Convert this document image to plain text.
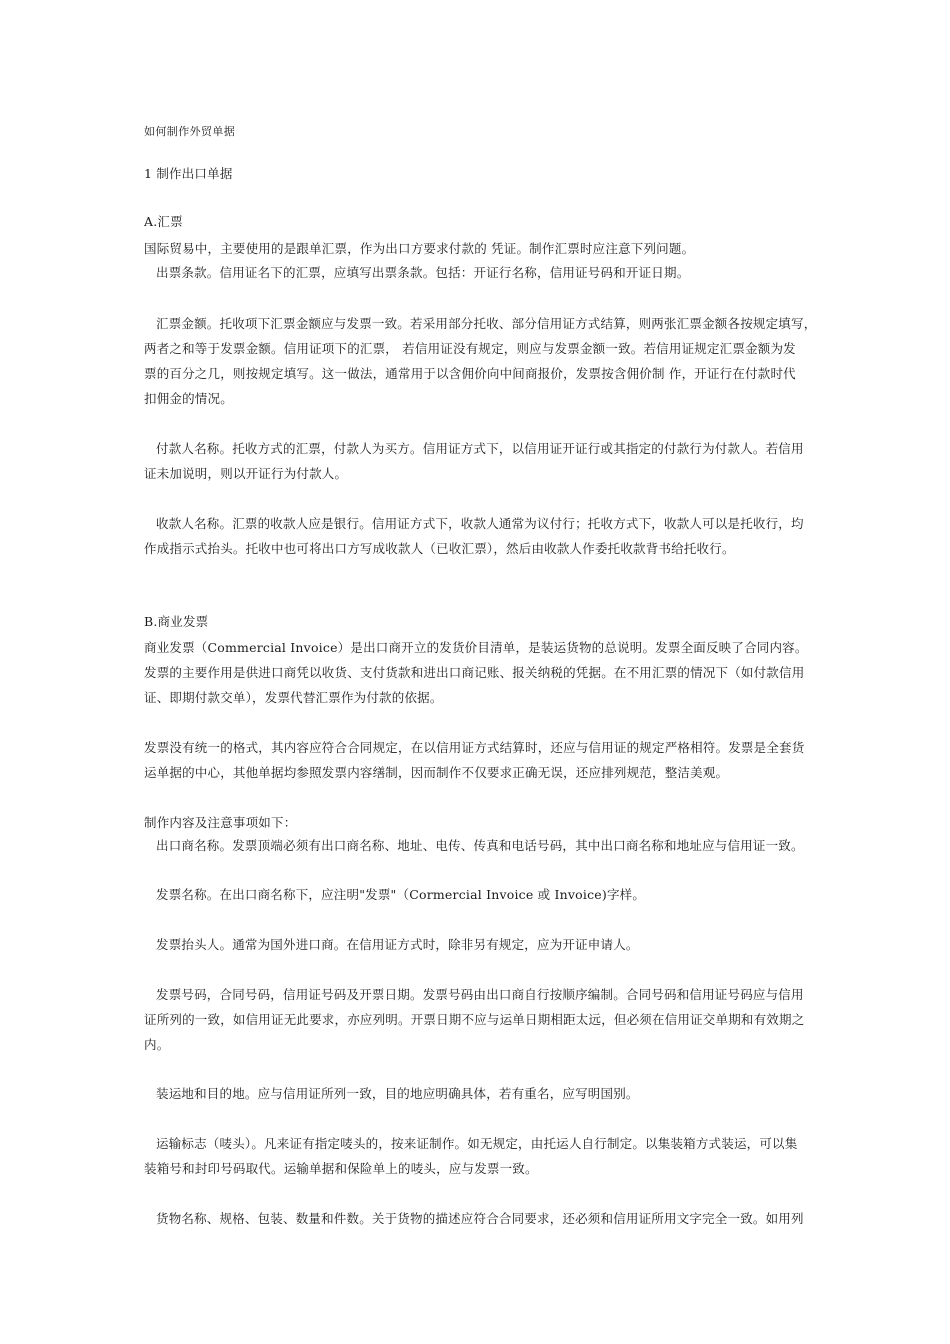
如何制作外贸单据
1 制作出口单据
A.汇票
国际贸易中，主要使用的是跟单汇票，作为出口方要求付款的 凭证。制作汇票时应注意下列问题。
出票条款。信用证名下的汇票，应填写出票条款。包括：开证行名称，信用证号码和开证日期。
汇票金额。托收项下汇票金额应与发票一致。若采用部分托收、部分信用证方式结算，则两张汇票金额各按规定填写，
两者之和等于发票金额。信用证项下的汇票， 若信用证没有规定，则应与发票金额一致。若信用证规定汇票金额为发
票的百分之几，则按规定填写。这一做法，通常用于以含佣价向中间商报价，发票按含佣价制 作，开证行在付款时代
扣佣金的情况。
付款人名称。托收方式的汇票，付款人为买方。信用证方式下，以信用证开证行或其指定的付款行为付款人。若信用
证未加说明，则以开证行为付款人。
收款人名称。汇票的收款人应是银行。信用证方式下，收款人通常为议付行；托收方式下，收款人可以是托收行，均
作成指示式抬头。托收中也可将出口方写成收款人（已收汇票），然后由收款人作委托收款背书给托收行。
B.商业发票
商业发票（Commercial Invoice）是出口商开立的发货价目清单，是装运货物的总说明。发票全面反映了合同内容。
发票的主要作用是供进口商凭以收货、支付货款和进出口商记账、报关纳税的凭据。在不用汇票的情况下（如付款信用
证、即期付款交单），发票代替汇票作为付款的依据。
发票没有统一的格式，其内容应符合合同规定，在以信用证方式结算时，还应与信用证的规定严格相符。发票是全套货
运单据的中心，其他单据均参照发票内容缮制，因而制作不仅要求正确无误，还应排列规范，整洁美观。
制作内容及注意事项如下：
出口商名称。发票顶端必须有出口商名称、地址、电传、传真和电话号码，其中出口商名称和地址应与信用证一致。
发票名称。在出口商名称下，应注明"发票"（Cormercial Invoice 或 Invoice)字样。
发票抬头人。通常为国外进口商。在信用证方式时，除非另有规定，应为开证申请人。
发票号码，合同号码，信用证号码及开票日期。发票号码由出口商自行按顺序编制。合同号码和信用证号码应与信用
证所列的一致，如信用证无此要求，亦应列明。开票日期不应与运单日期相距太远，但必须在信用证交单期和有效期之
内。
装运地和目的地。应与信用证所列一致，目的地应明确具体，若有重名，应写明国别。
运输标志（唛头）。凡来证有指定唛头的，按来证制作。如无规定，由托运人自行制定。以集装箱方式装运，可以集
装箱号和封印号码取代。运输单据和保险单上的唛头，应与发票一致。
货物名称、规格、包装、数量和件数。关于货物的描述应符合合同要求，还必须和信用证所用文字完全一致。如用列
